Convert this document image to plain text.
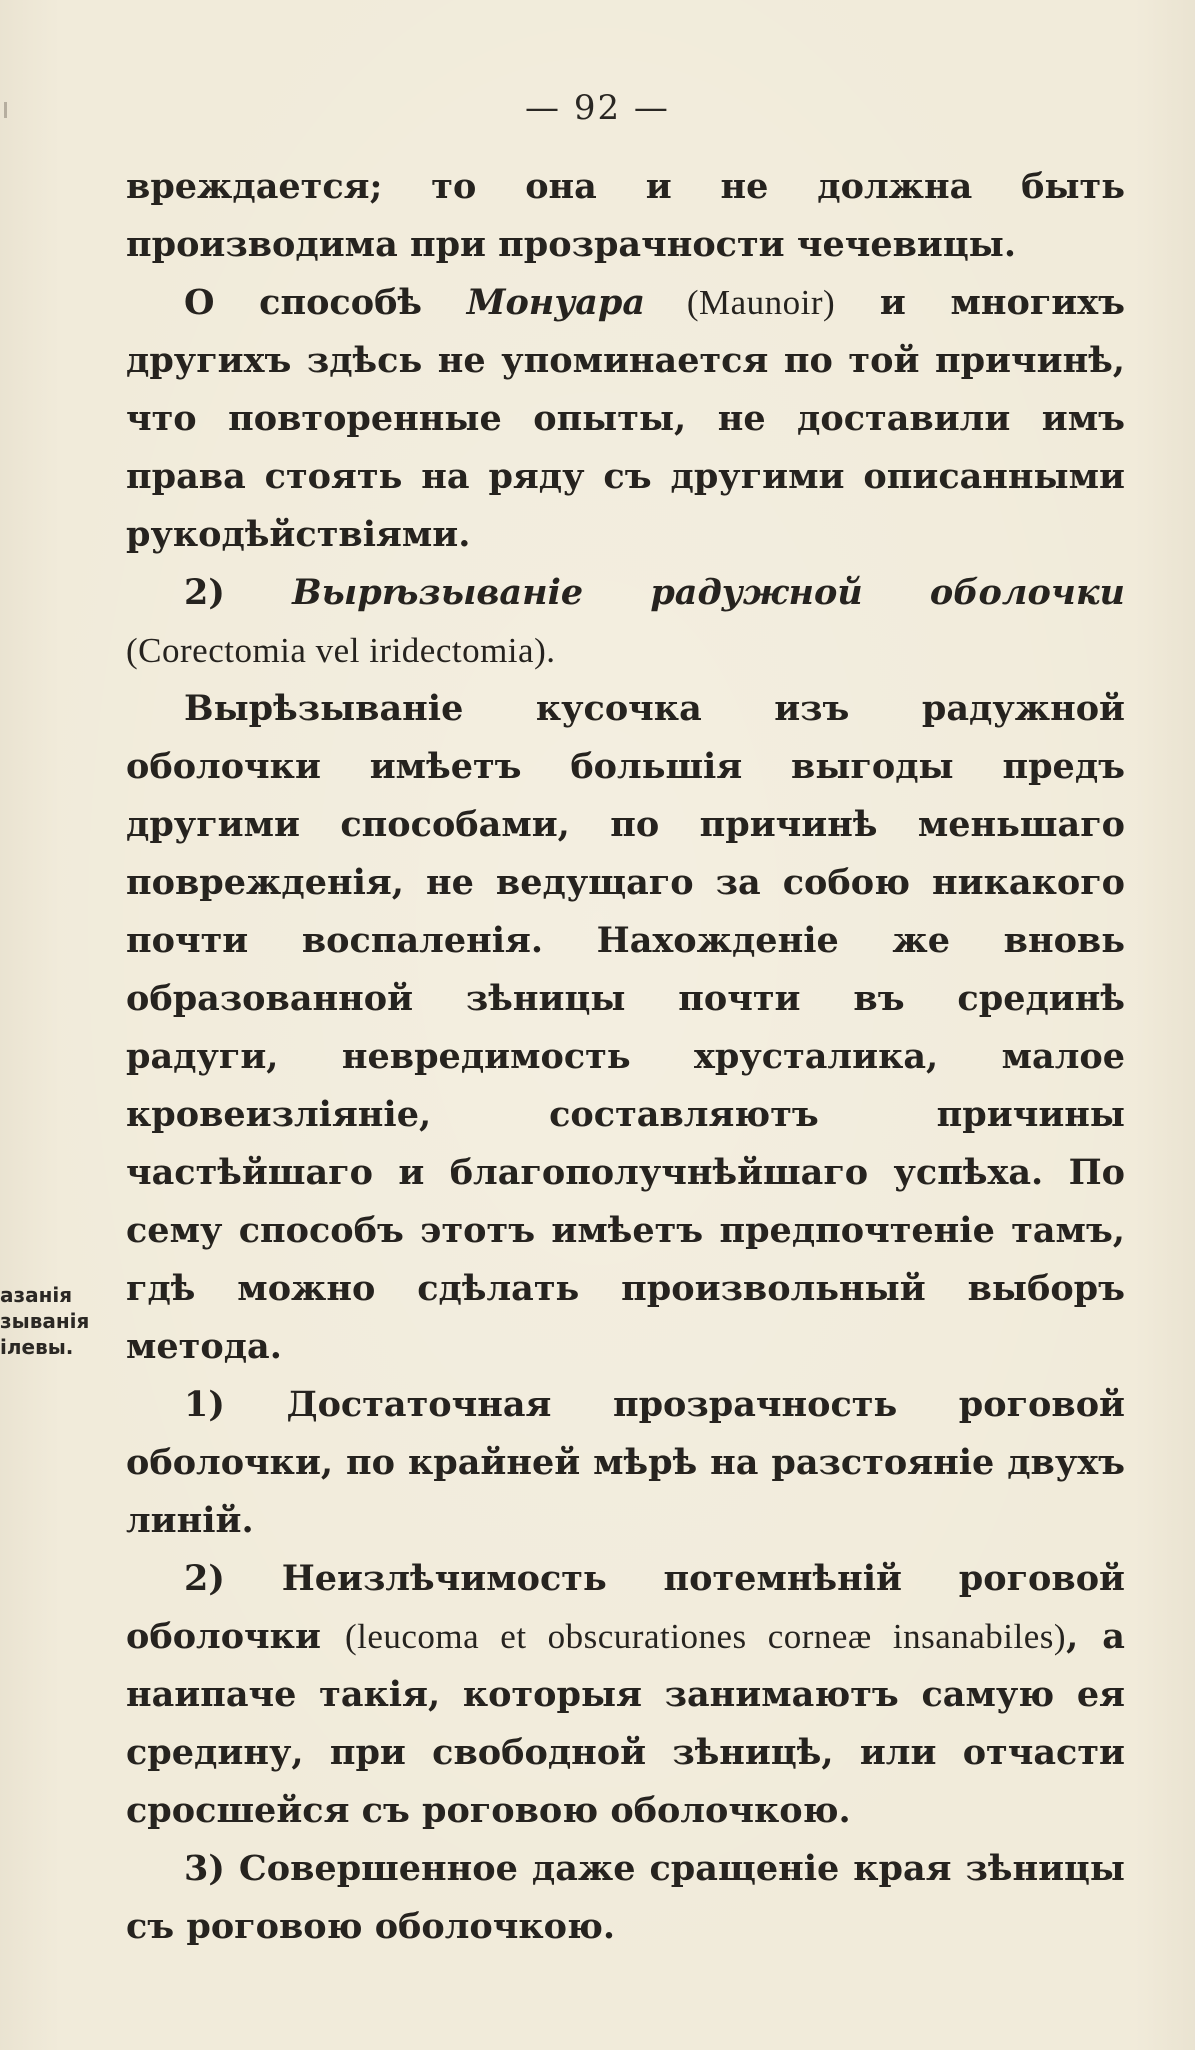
— 92 —
азанія
зыванія
ілевы.

вреждается; то она и не должна быть производима при прозрачности чечевицы.

О способѣ Монуара (Maunoir) и многихъ другихъ здѣсь не упоминается по той причинѣ, что повторенные опыты, не доставили имъ права стоять на ряду съ другими описанными рукодѣйствіями.

2) Вырѣзываніе радужной оболочки (Corectomia vel iridectomia).

Вырѣзываніе кусочка изъ радужной оболочки имѣетъ большія выгоды предъ другими способами, по причинѣ меньшаго поврежденія, не ведущаго за собою никакого почти воспаленія. Нахожденіе же вновь образованной зѣницы почти въ срединѣ радуги, невредимость хрусталика, малое кровеизліяніе, составляютъ причины частѣйшаго и благополучнѣйшаго успѣха. По сему способъ этотъ имѣетъ предпочтеніе тамъ, гдѣ можно сдѣлать произвольный выборъ метода.

1) Достаточная прозрачность роговой оболочки, по крайней мѣрѣ на разстояніе двухъ линій.

2) Неизлѣчимость потемнѣній роговой оболочки (leucoma et obscurationes corneæ insanabiles), а наипаче такія, которыя занимаютъ самую ея средину, при свободной зѣницѣ, или отчасти сросшейся съ роговою оболочкою.

3) Совершенное даже сращеніе края зѣницы съ роговою оболочкою.
